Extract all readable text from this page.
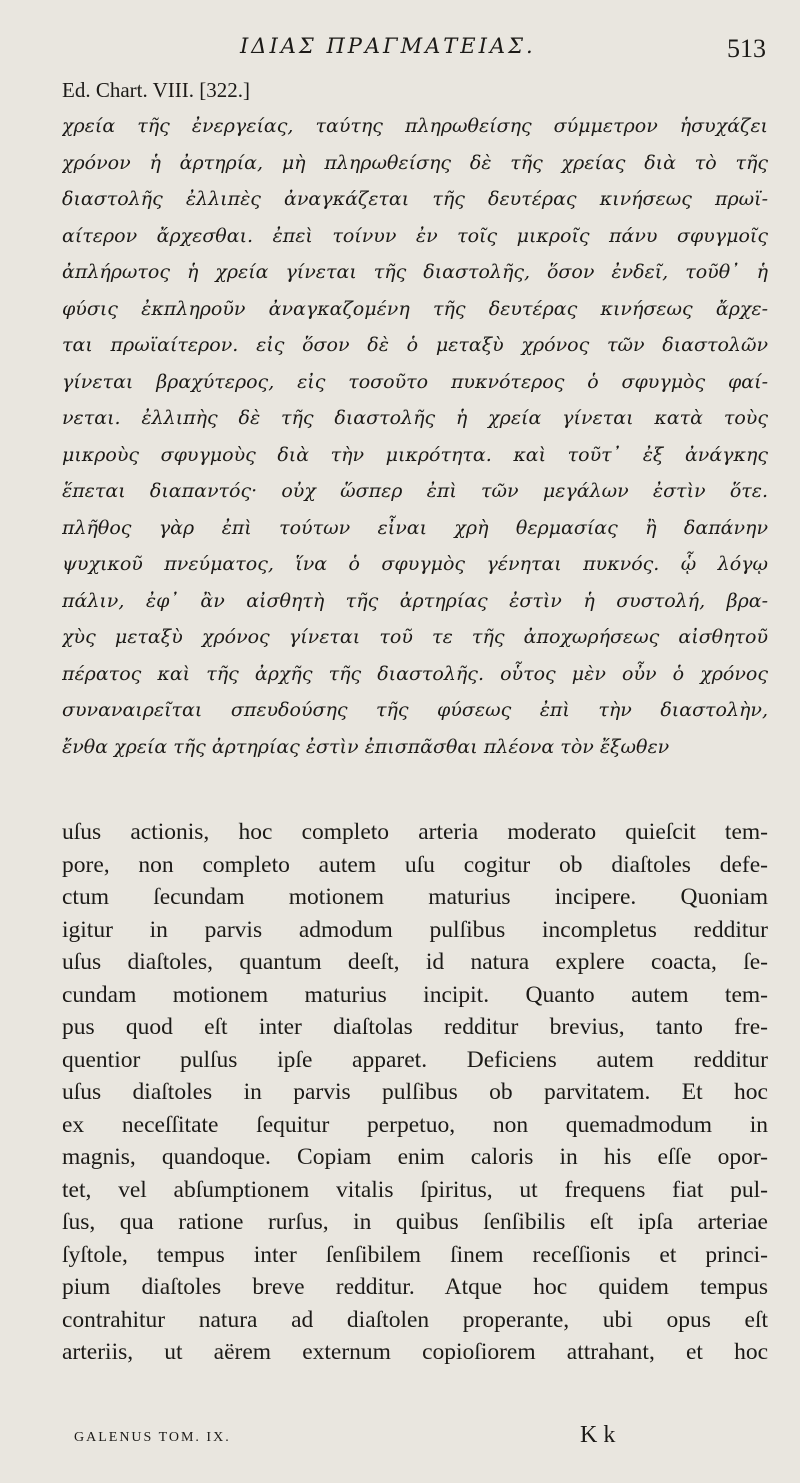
ΙΔΙΑΣ ΠΡΑΓΜΑΤΕΙΑΣ.	513
Ed. Chart. VIII. [322.]
χρεία τῆς ἐνεργείας, ταύτης πληρωθείσης σύμμετρον ἡσυχάζει
χρόνον ἡ ἀρτηρία, μὴ πληρωθείσης δὲ τῆς χρείας διὰ τὸ τῆς
διαστολῆς ἐλλιπὲς ἀναγκάζεται τῆς δευτέρας κινήσεως πρωϊ-
αίτερον ἄρχεσθαι. ἐπεὶ τοίνυν ἐν τοῖς μικροῖς πάνυ σφυγμοῖς
ἀπλήρωτος ἡ χρεία γίνεται τῆς διαστολῆς, ὅσον ἐνδεῖ, τοῦθ᾽ ἡ
φύσις ἐκπληροῦν ἀναγκαζομένη τῆς δευτέρας κινήσεως ἄρχε-
ται πρωϊαίτερον. εἰς ὅσον δὲ ὁ μεταξὺ χρόνος τῶν διαστολῶν
γίνεται βραχύτερος, εἰς τοσοῦτο πυκνότερος ὁ σφυγμὸς φαί-
νεται. ἐλλιπὴς δὲ τῆς διαστολῆς ἡ χρεία γίνεται κατὰ τοὺς
μικροὺς σφυγμοὺς διὰ τὴν μικρότητα. καὶ τοῦτ᾽ ἐξ ἀνάγκης
ἕπεται διαπαντός· οὐχ ὥσπερ ἐπὶ τῶν μεγάλων ἐστὶν ὅτε.
πλῆθος γὰρ ἐπὶ τούτων εἶναι χρὴ θερμασίας ἢ δαπάνην
ψυχικοῦ πνεύματος, ἵνα ὁ σφυγμὸς γένηται πυκνός. ᾧ λόγῳ
πάλιν, ἐφ᾽ ἂν αἰσθητὴ τῆς ἀρτηρίας ἐστὶν ἡ συστολή, βρα-
χὺς μεταξὺ χρόνος γίνεται τοῦ τε τῆς ἀποχωρήσεως αἰσθητοῦ
πέρατος καὶ τῆς ἀρχῆς τῆς διαστολῆς. οὗτος μὲν οὖν ὁ χρόνος
συναναιρεῖται σπευδούσης τῆς φύσεως ἐπὶ τὴν διαστολὴν,
ἔνθα χρεία τῆς ἀρτηρίας ἐστὶν ἐπισπᾶσθαι πλέονα τὸν ἔξωθεν
uſus actionis, hoc completo arteria moderato quieſcit tem-
pore, non completo autem uſu cogitur ob diaſtoles defe-
ctum ſecundam motionem maturius incipere. Quoniam
igitur in parvis admodum pulſibus incompletus redditur
uſus diaſtoles, quantum deeſt, id natura explere coacta, ſe-
cundam motionem maturius incipit. Quanto autem tem-
pus quod eſt inter diaſtolas redditur brevius, tanto fre-
quentior pulſus ipſe apparet. Deficiens autem redditur
uſus diaſtoles in parvis pulſibus ob parvitatem. Et hoc
ex neceſſitate ſequitur perpetuo, non quemadmodum in
magnis, quandoque. Copiam enim caloris in his eſſe opor-
tet, vel abſumptionem vitalis ſpiritus, ut frequens fiat pul-
ſus, qua ratione rurſus, in quibus ſenſibilis eſt ipſa arteriae
ſyſtole, tempus inter ſenſibilem ſinem receſſionis et princi-
pium diaſtoles breve redditur. Atque hoc quidem tempus
contrahitur natura ad diaſtolen properante, ubi opus eſt
arteriis, ut aërem externum copioſiorem attrahant, et hoc
GALENUS TOM. IX.	K k
